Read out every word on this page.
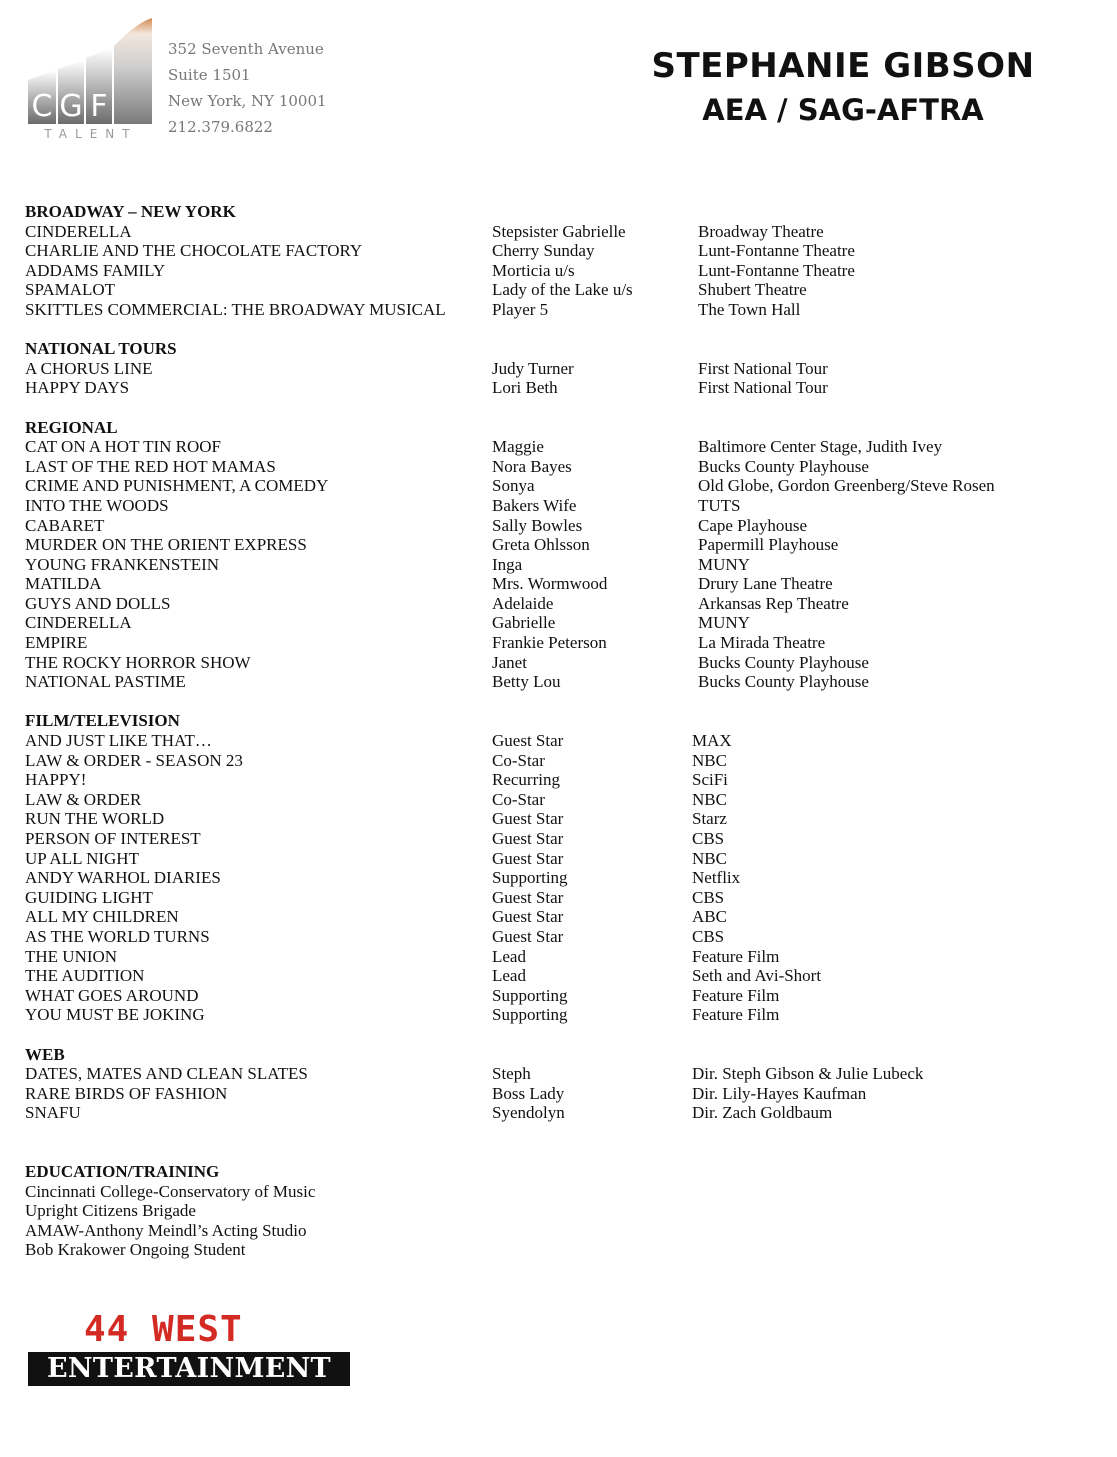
C G F
TALENT
352 Seventh Avenue
Suite 1501
New York, NY 10001
212.379.6822
STEPHANIE GIBSON
AEA / SAG-AFTRA
BROADWAY – NEW YORK
CINDERELLA	Stepsister Gabrielle	Broadway Theatre
CHARLIE AND THE CHOCOLATE FACTORY	Cherry Sunday	Lunt-Fontanne Theatre
ADDAMS FAMILY	Morticia u/s	Lunt-Fontanne Theatre
SPAMALOT	Lady of the Lake u/s	Shubert Theatre
SKITTLES COMMERCIAL: THE BROADWAY MUSICAL	Player 5	The Town Hall
NATIONAL TOURS
A CHORUS LINE	Judy Turner	First National Tour
HAPPY DAYS	Lori Beth	First National Tour
REGIONAL
CAT ON A HOT TIN ROOF	Maggie	Baltimore Center Stage, Judith Ivey
LAST OF THE RED HOT MAMAS	Nora Bayes	Bucks County Playhouse
CRIME AND PUNISHMENT, A COMEDY	Sonya	Old Globe, Gordon Greenberg/Steve Rosen
INTO THE WOODS	Bakers Wife	TUTS
CABARET	Sally Bowles	Cape Playhouse
MURDER ON THE ORIENT EXPRESS	Greta Ohlsson	Papermill Playhouse
YOUNG FRANKENSTEIN	Inga	MUNY
MATILDA	Mrs. Wormwood	Drury Lane Theatre
GUYS AND DOLLS	Adelaide	Arkansas Rep Theatre
CINDERELLA	Gabrielle	MUNY
EMPIRE	Frankie Peterson	La Mirada Theatre
THE ROCKY HORROR SHOW	Janet	Bucks County Playhouse
NATIONAL PASTIME	Betty Lou	Bucks County Playhouse
FILM/TELEVISION
AND JUST LIKE THAT…	Guest Star	MAX
LAW & ORDER - SEASON 23	Co-Star	NBC
HAPPY!	Recurring	SciFi
LAW & ORDER	Co-Star	NBC
RUN THE WORLD	Guest Star	Starz
PERSON OF INTEREST	Guest Star	CBS
UP ALL NIGHT	Guest Star	NBC
ANDY WARHOL DIARIES	Supporting	Netflix
GUIDING LIGHT	Guest Star	CBS
ALL MY CHILDREN	Guest Star	ABC
AS THE WORLD TURNS	Guest Star	CBS
THE UNION	Lead	Feature Film
THE AUDITION	Lead	Seth and Avi-Short
WHAT GOES AROUND	Supporting	Feature Film
YOU MUST BE JOKING	Supporting	Feature Film
WEB
DATES, MATES AND CLEAN SLATES	Steph	Dir. Steph Gibson & Julie Lubeck
RARE BIRDS OF FASHION	Boss Lady	Dir. Lily-Hayes Kaufman
SNAFU	Syendolyn	Dir. Zach Goldbaum
EDUCATION/TRAINING
Cincinnati College-Conservatory of Music
Upright Citizens Brigade
AMAW-Anthony Meindl’s Acting Studio
Bob Krakower Ongoing Student
44 WEST
ENTERTAINMENT
